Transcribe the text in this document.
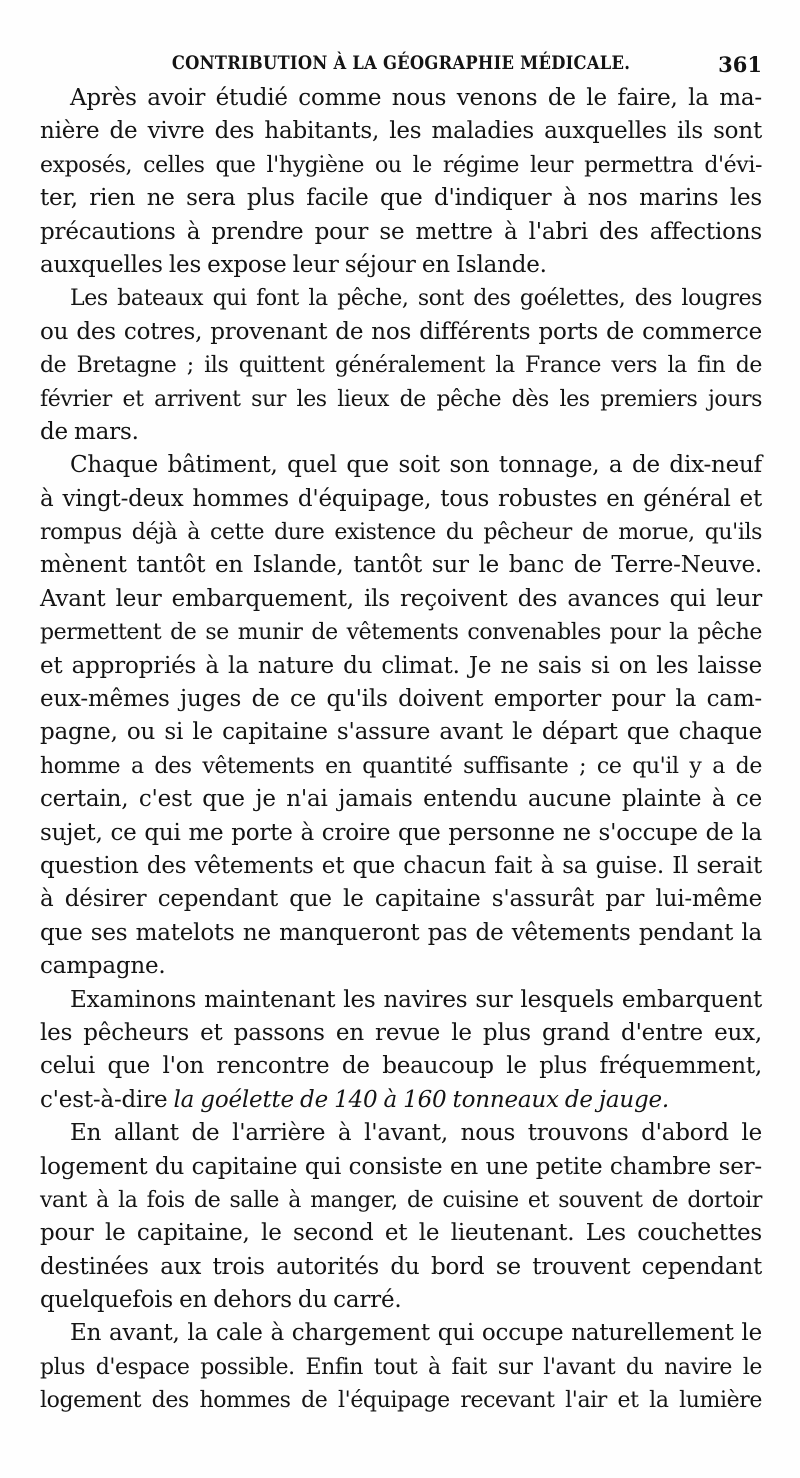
CONTRIBUTION À LA GÉOGRAPHIE MÉDICALE.	361
Après avoir étudié comme nous venons de le faire, la ma-
nière de vivre des habitants, les maladies auxquelles ils sont
exposés, celles que l'hygiène ou le régime leur permettra d'évi-
ter, rien ne sera plus facile que d'indiquer à nos marins les
précautions à prendre pour se mettre à l'abri des affections
auxquelles les expose leur séjour en Islande.
Les bateaux qui font la pêche, sont des goélettes, des lougres
ou des cotres, provenant de nos différents ports de commerce
de Bretagne ; ils quittent généralement la France vers la fin de
février et arrivent sur les lieux de pêche dès les premiers jours
de mars.
Chaque bâtiment, quel que soit son tonnage, a de dix-neuf
à vingt-deux hommes d'équipage, tous robustes en général et
rompus déjà à cette dure existence du pêcheur de morue, qu'ils
mènent tantôt en Islande, tantôt sur le banc de Terre-Neuve.
Avant leur embarquement, ils reçoivent des avances qui leur
permettent de se munir de vêtements convenables pour la pêche
et appropriés à la nature du climat. Je ne sais si on les laisse
eux-mêmes juges de ce qu'ils doivent emporter pour la cam-
pagne, ou si le capitaine s'assure avant le départ que chaque
homme a des vêtements en quantité suffisante ; ce qu'il y a de
certain, c'est que je n'ai jamais entendu aucune plainte à ce
sujet, ce qui me porte à croire que personne ne s'occupe de la
question des vêtements et que chacun fait à sa guise. Il serait
à désirer cependant que le capitaine s'assurât par lui-même
que ses matelots ne manqueront pas de vêtements pendant la
campagne.
Examinons maintenant les navires sur lesquels embarquent
les pêcheurs et passons en revue le plus grand d'entre eux,
celui que l'on rencontre de beaucoup le plus fréquemment,
c'est-à-dire la goélette de 140 à 160 tonneaux de jauge.
En allant de l'arrière à l'avant, nous trouvons d'abord le
logement du capitaine qui consiste en une petite chambre ser-
vant à la fois de salle à manger, de cuisine et souvent de dortoir
pour le capitaine, le second et le lieutenant. Les couchettes
destinées aux trois autorités du bord se trouvent cependant
quelquefois en dehors du carré.
En avant, la cale à chargement qui occupe naturellement le
plus d'espace possible. Enfin tout à fait sur l'avant du navire le
logement des hommes de l'équipage recevant l'air et la lumière
